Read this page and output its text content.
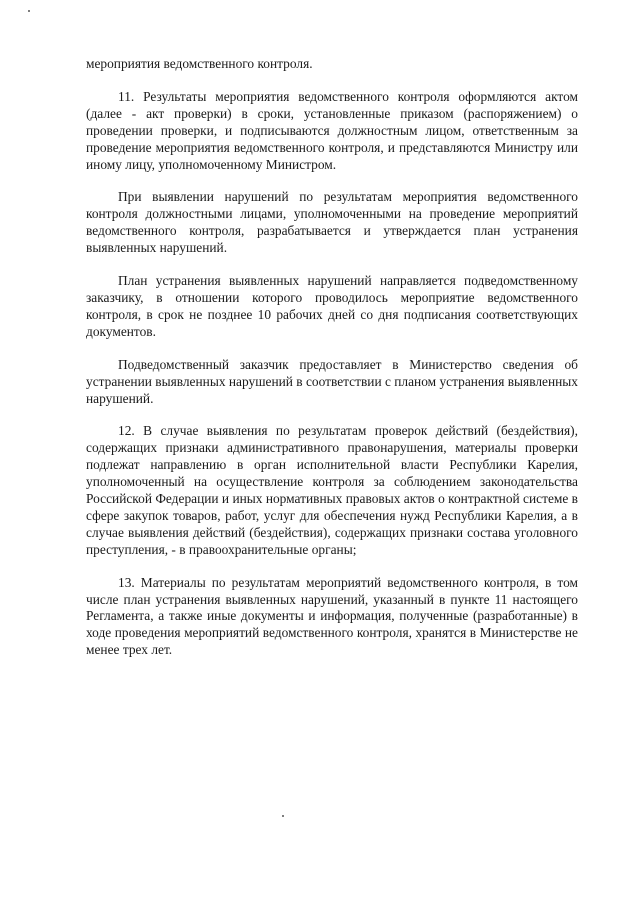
мероприятия ведомственного контроля.

11. Результаты мероприятия ведомственного контроля оформляются актом (далее - акт проверки) в сроки, установленные приказом (распоряжением) о проведении проверки, и подписываются должностным лицом, ответственным за проведение мероприятия ведомственного контроля, и представляются Министру или иному лицу, уполномоченному Министром.

При выявлении нарушений по результатам мероприятия ведомственного контроля должностными лицами, уполномоченными на проведение мероприятий ведомственного контроля, разрабатывается и утверждается план устранения выявленных нарушений.

План устранения выявленных нарушений направляется подведомственному заказчику, в отношении которого проводилось мероприятие ведомственного контроля, в срок не позднее 10 рабочих дней со дня подписания соответствующих документов.

Подведомственный заказчик предоставляет в Министерство сведения об устранении выявленных нарушений в соответствии с планом устранения выявленных нарушений.

12. В случае выявления по результатам проверок действий (бездействия), содержащих признаки административного правонарушения, материалы проверки подлежат направлению в орган исполнительной власти Республики Карелия, уполномоченный на осуществление контроля за соблюдением законодательства Российской Федерации и иных нормативных правовых актов о контрактной системе в сфере закупок товаров, работ, услуг для обеспечения нужд Республики Карелия, а в случае выявления действий (бездействия), содержащих признаки состава уголовного преступления, - в правоохранительные органы;

13. Материалы по результатам мероприятий ведомственного контроля, в том числе план устранения выявленных нарушений, указанный в пункте 11 настоящего Регламента, а также иные документы и информация, полученные (разработанные) в ходе проведения мероприятий ведомственного контроля, хранятся в Министерстве не менее трех лет.
